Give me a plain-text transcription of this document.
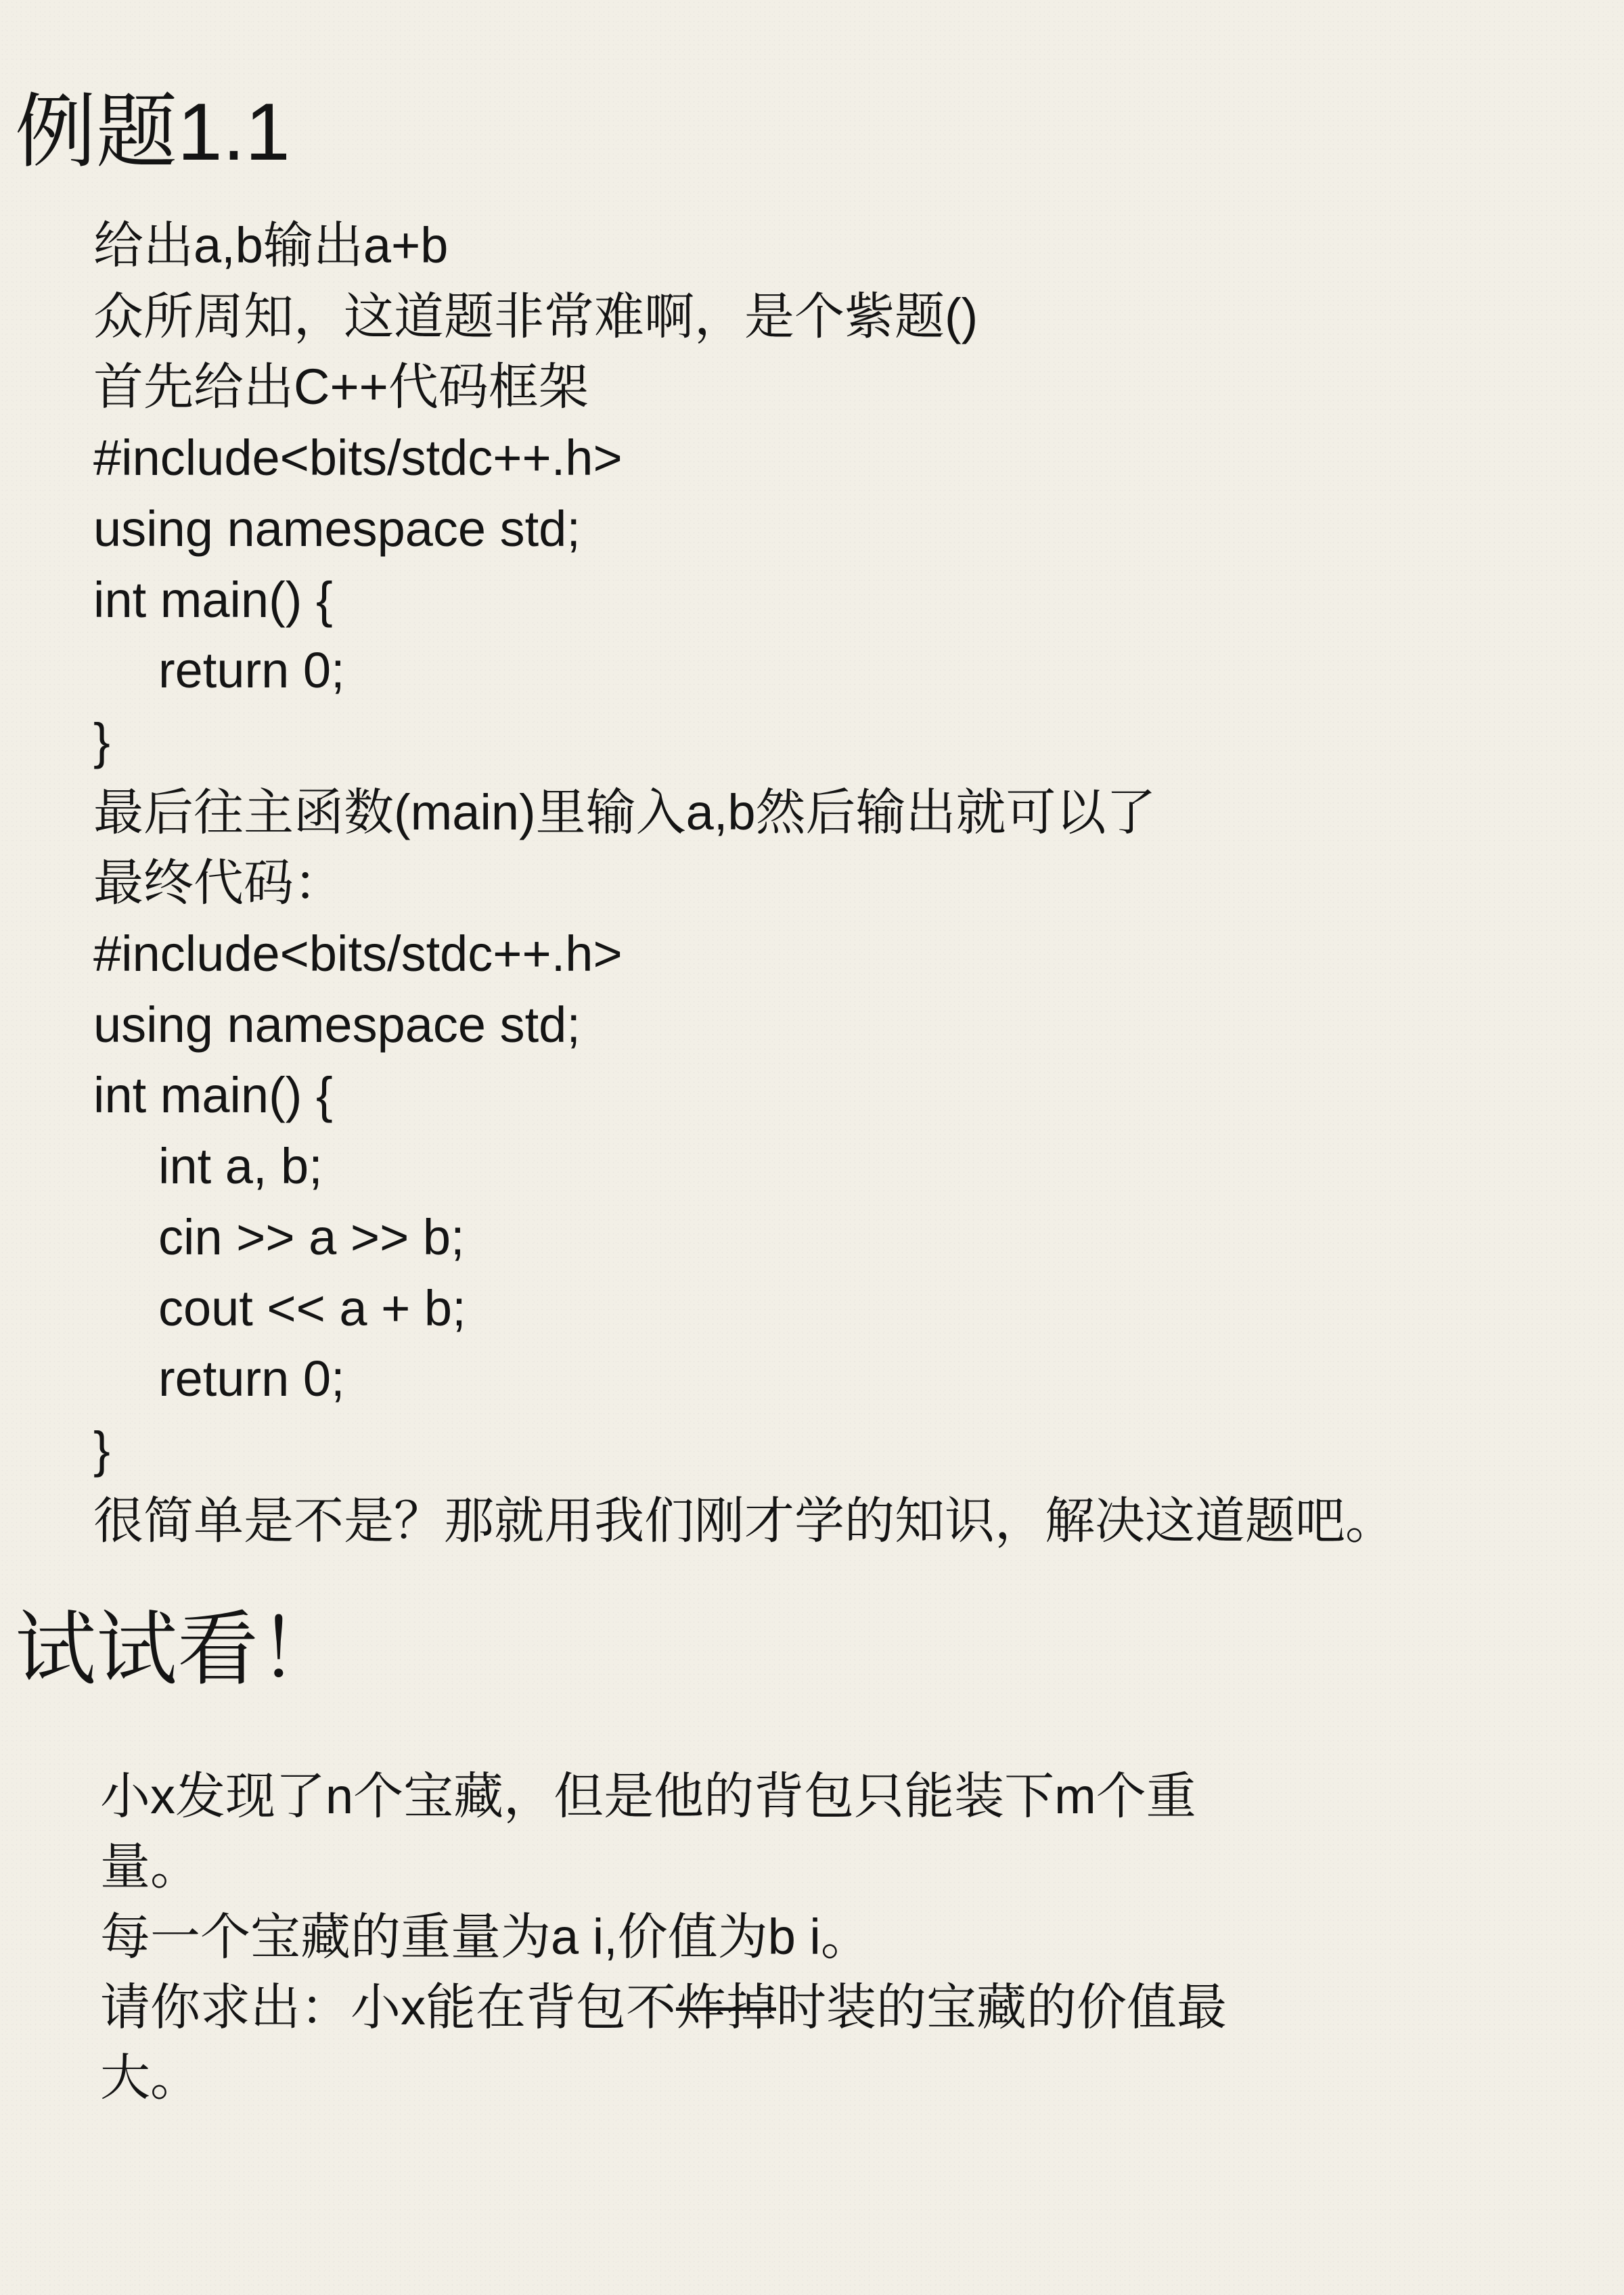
例题1.1
给出a,b输出a+b
众所周知，这道题非常难啊，是个紫题()
首先给出C++代码框架
#include<bits/stdc++.h>
using namespace std;
int main() {
return 0;
}
最后往主函数(main)里输入a,b然后输出就可以了
最终代码：
#include<bits/stdc++.h>
using namespace std;
int main() {
int a, b;
cin >> a >> b;
cout << a + b;
return 0;
}
很简单是不是？那就用我们刚才学的知识，解决这道题吧。
试试看！
小x发现了n个宝藏，但是他的背包只能装下m个重
量。
每一个宝藏的重量为a i,价值为b i。
请你求出：小x能在背包不炸掉时装的宝藏的价值最
大。
